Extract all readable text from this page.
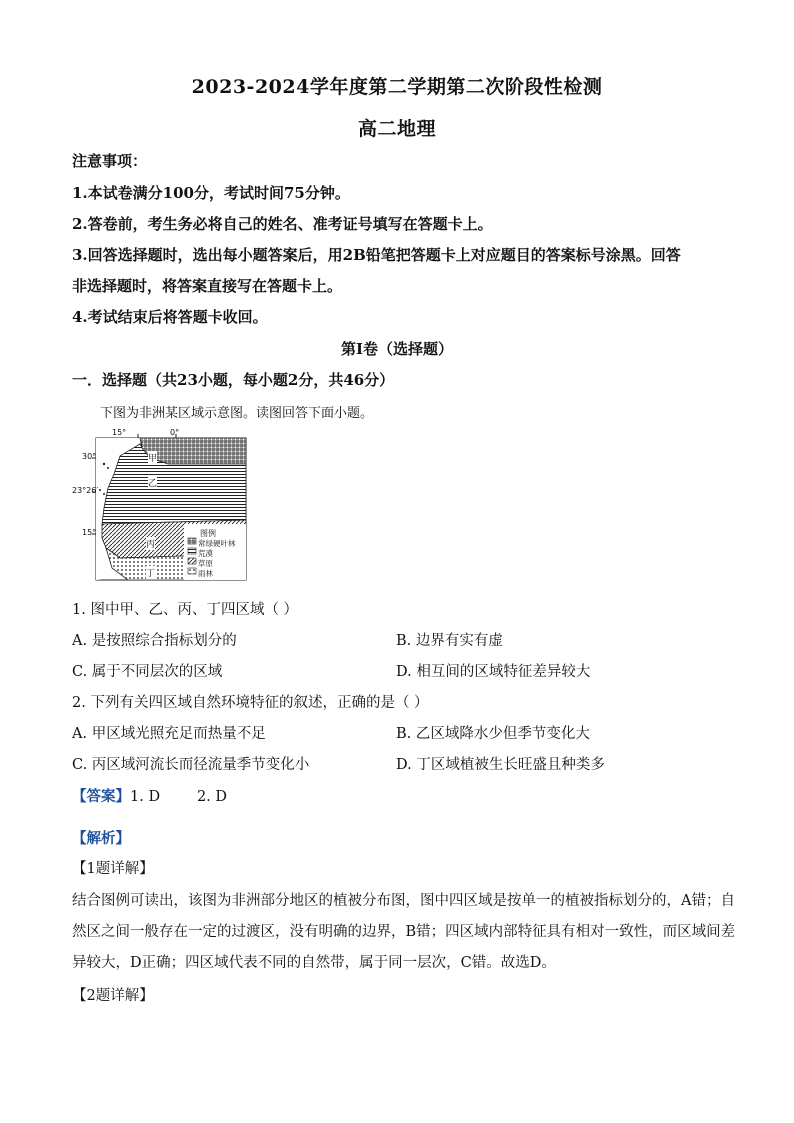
2023-2024学年度第二学期第二次阶段性检测
高二地理
注意事项：
1.本试卷满分100分，考试时间75分钟。
2.答卷前，考生务必将自己的姓名、准考证号填写在答题卡上。
3.回答选择题时，选出每小题答案后，用2B铅笔把答题卡上对应题目的答案标号涂黑。回答
非选择题时，将答案直接写在答题卡上。
4.考试结束后将答题卡收回。
第Ⅰ卷（选择题）
一．选择题（共23小题，每小题2分，共46分）
下图为非洲某区域示意图。读图回答下面小题。
15°	0°
30°
23°26′
15°
甲
乙
丙
丁
图例
常绿硬叶林
荒漠
草原
雨林
1. 图中甲、乙、丙、丁四区域（ ）
A. 是按照综合指标划分的	B. 边界有实有虚
C. 属于不同层次的区域	D. 相互间的区域特征差异较大
2. 下列有关四区域自然环境特征的叙述，正确的是（ ）
A. 甲区域光照充足而热量不足	B. 乙区域降水少但季节变化大
C. 丙区域河流长而径流量季节变化小	D. 丁区域植被生长旺盛且种类多
【答案】1. D        2. D
【解析】
【1题详解】
结合图例可读出，该图为非洲部分地区的植被分布图，图中四区域是按单一的植被指标划分的，A错；自
然区之间一般存在一定的过渡区，没有明确的边界，B错；四区域内部特征具有相对一致性，而区域间差
异较大，D正确；四区域代表不同的自然带，属于同一层次，C错。故选D。
【2题详解】
